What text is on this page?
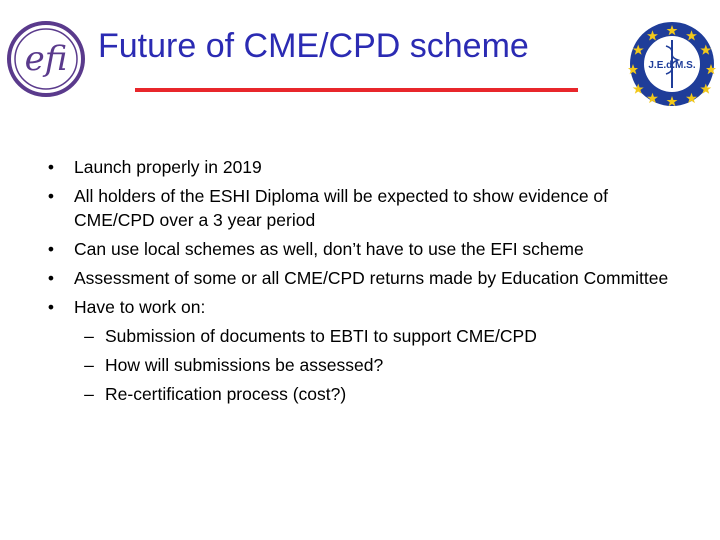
efi Future of CME/CPD scheme
J.E.d.M.S.
• Launch properly in 2019
• All holders of the ESHI Diploma will be expected to show evidence of CME/CPD over a 3 year period
• Can use local schemes as well, don’t have to use the EFI scheme
• Assessment of some or all CME/CPD returns made by Education Committee
• Have to work on:
– Submission of documents to EBTI to support CME/CPD
– How will submissions be assessed?
– Re-certification process (cost?)
